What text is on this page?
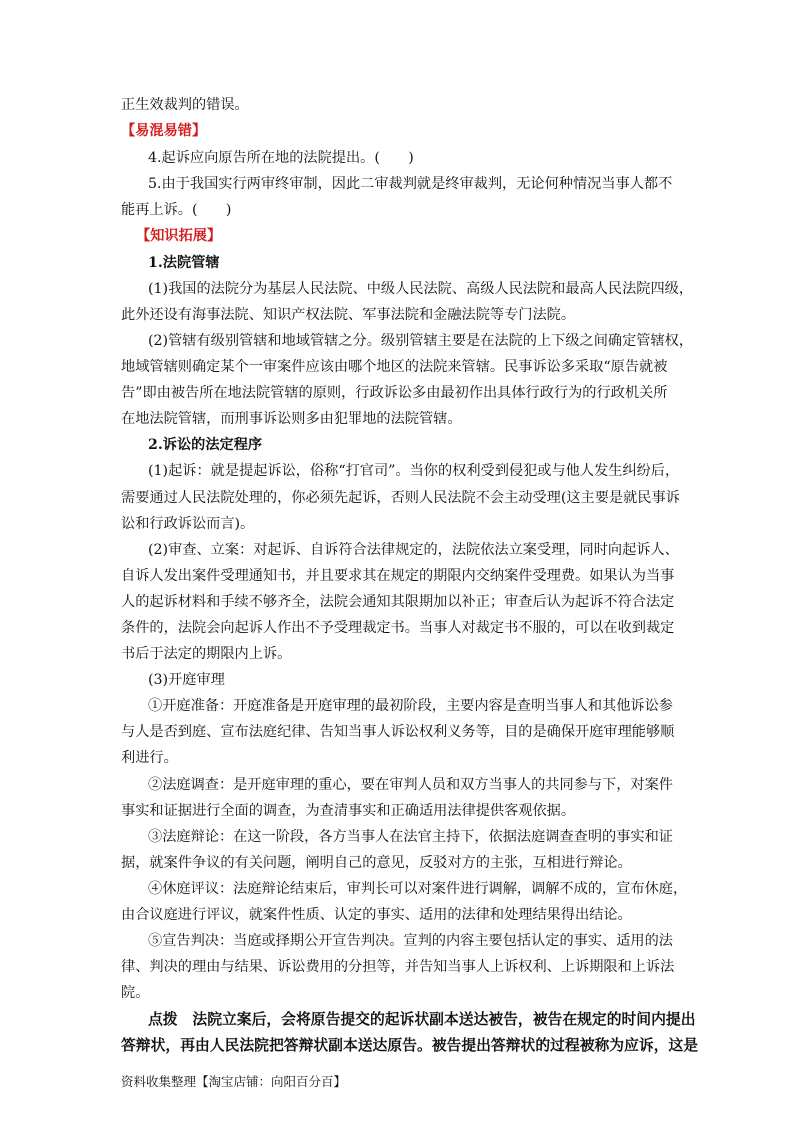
正生效裁判的错误。
【易混易错】
4.起诉应向原告所在地的法院提出。(　　)
5.由于我国实行两审终审制，因此二审裁判就是终审裁判，无论何种情况当事人都不
能再上诉。(　　)
【知识拓展】
1.法院管辖
(1)我国的法院分为基层人民法院、中级人民法院、高级人民法院和最高人民法院四级，
此外还设有海事法院、知识产权法院、军事法院和金融法院等专门法院。
(2)管辖有级别管辖和地域管辖之分。级别管辖主要是在法院的上下级之间确定管辖权，
地域管辖则确定某个一审案件应该由哪个地区的法院来管辖。民事诉讼多采取“原告就被
告”即由被告所在地法院管辖的原则，行政诉讼多由最初作出具体行政行为的行政机关所
在地法院管辖，而刑事诉讼则多由犯罪地的法院管辖。
2.诉讼的法定程序
(1)起诉：就是提起诉讼，俗称“打官司”。当你的权利受到侵犯或与他人发生纠纷后，
需要通过人民法院处理的，你必须先起诉，否则人民法院不会主动受理(这主要是就民事诉
讼和行政诉讼而言)。
(2)审查、立案：对起诉、自诉符合法律规定的，法院依法立案受理，同时向起诉人、
自诉人发出案件受理通知书，并且要求其在规定的期限内交纳案件受理费。如果认为当事
人的起诉材料和手续不够齐全，法院会通知其限期加以补正；审查后认为起诉不符合法定
条件的，法院会向起诉人作出不予受理裁定书。当事人对裁定书不服的，可以在收到裁定
书后于法定的期限内上诉。
(3)开庭审理
①开庭准备：开庭准备是开庭审理的最初阶段，主要内容是查明当事人和其他诉讼参
与人是否到庭、宣布法庭纪律、告知当事人诉讼权利义务等，目的是确保开庭审理能够顺
利进行。
②法庭调查：是开庭审理的重心，要在审判人员和双方当事人的共同参与下，对案件
事实和证据进行全面的调查，为查清事实和正确适用法律提供客观依据。
③法庭辩论：在这一阶段，各方当事人在法官主持下，依据法庭调查查明的事实和证
据，就案件争议的有关问题，阐明自己的意见，反驳对方的主张，互相进行辩论。
④休庭评议：法庭辩论结束后，审判长可以对案件进行调解，调解不成的，宣布休庭，
由合议庭进行评议，就案件性质、认定的事实、适用的法律和处理结果得出结论。
⑤宣告判决：当庭或择期公开宣告判决。宣判的内容主要包括认定的事实、适用的法
律、判决的理由与结果、诉讼费用的分担等，并告知当事人上诉权利、上诉期限和上诉法
院。
点拨　法院立案后，会将原告提交的起诉状副本送达被告，被告在规定的时间内提出
答辩状，再由人民法院把答辩状副本送达原告。被告提出答辩状的过程被称为应诉，这是
资料收集整理【淘宝店铺：向阳百分百】
